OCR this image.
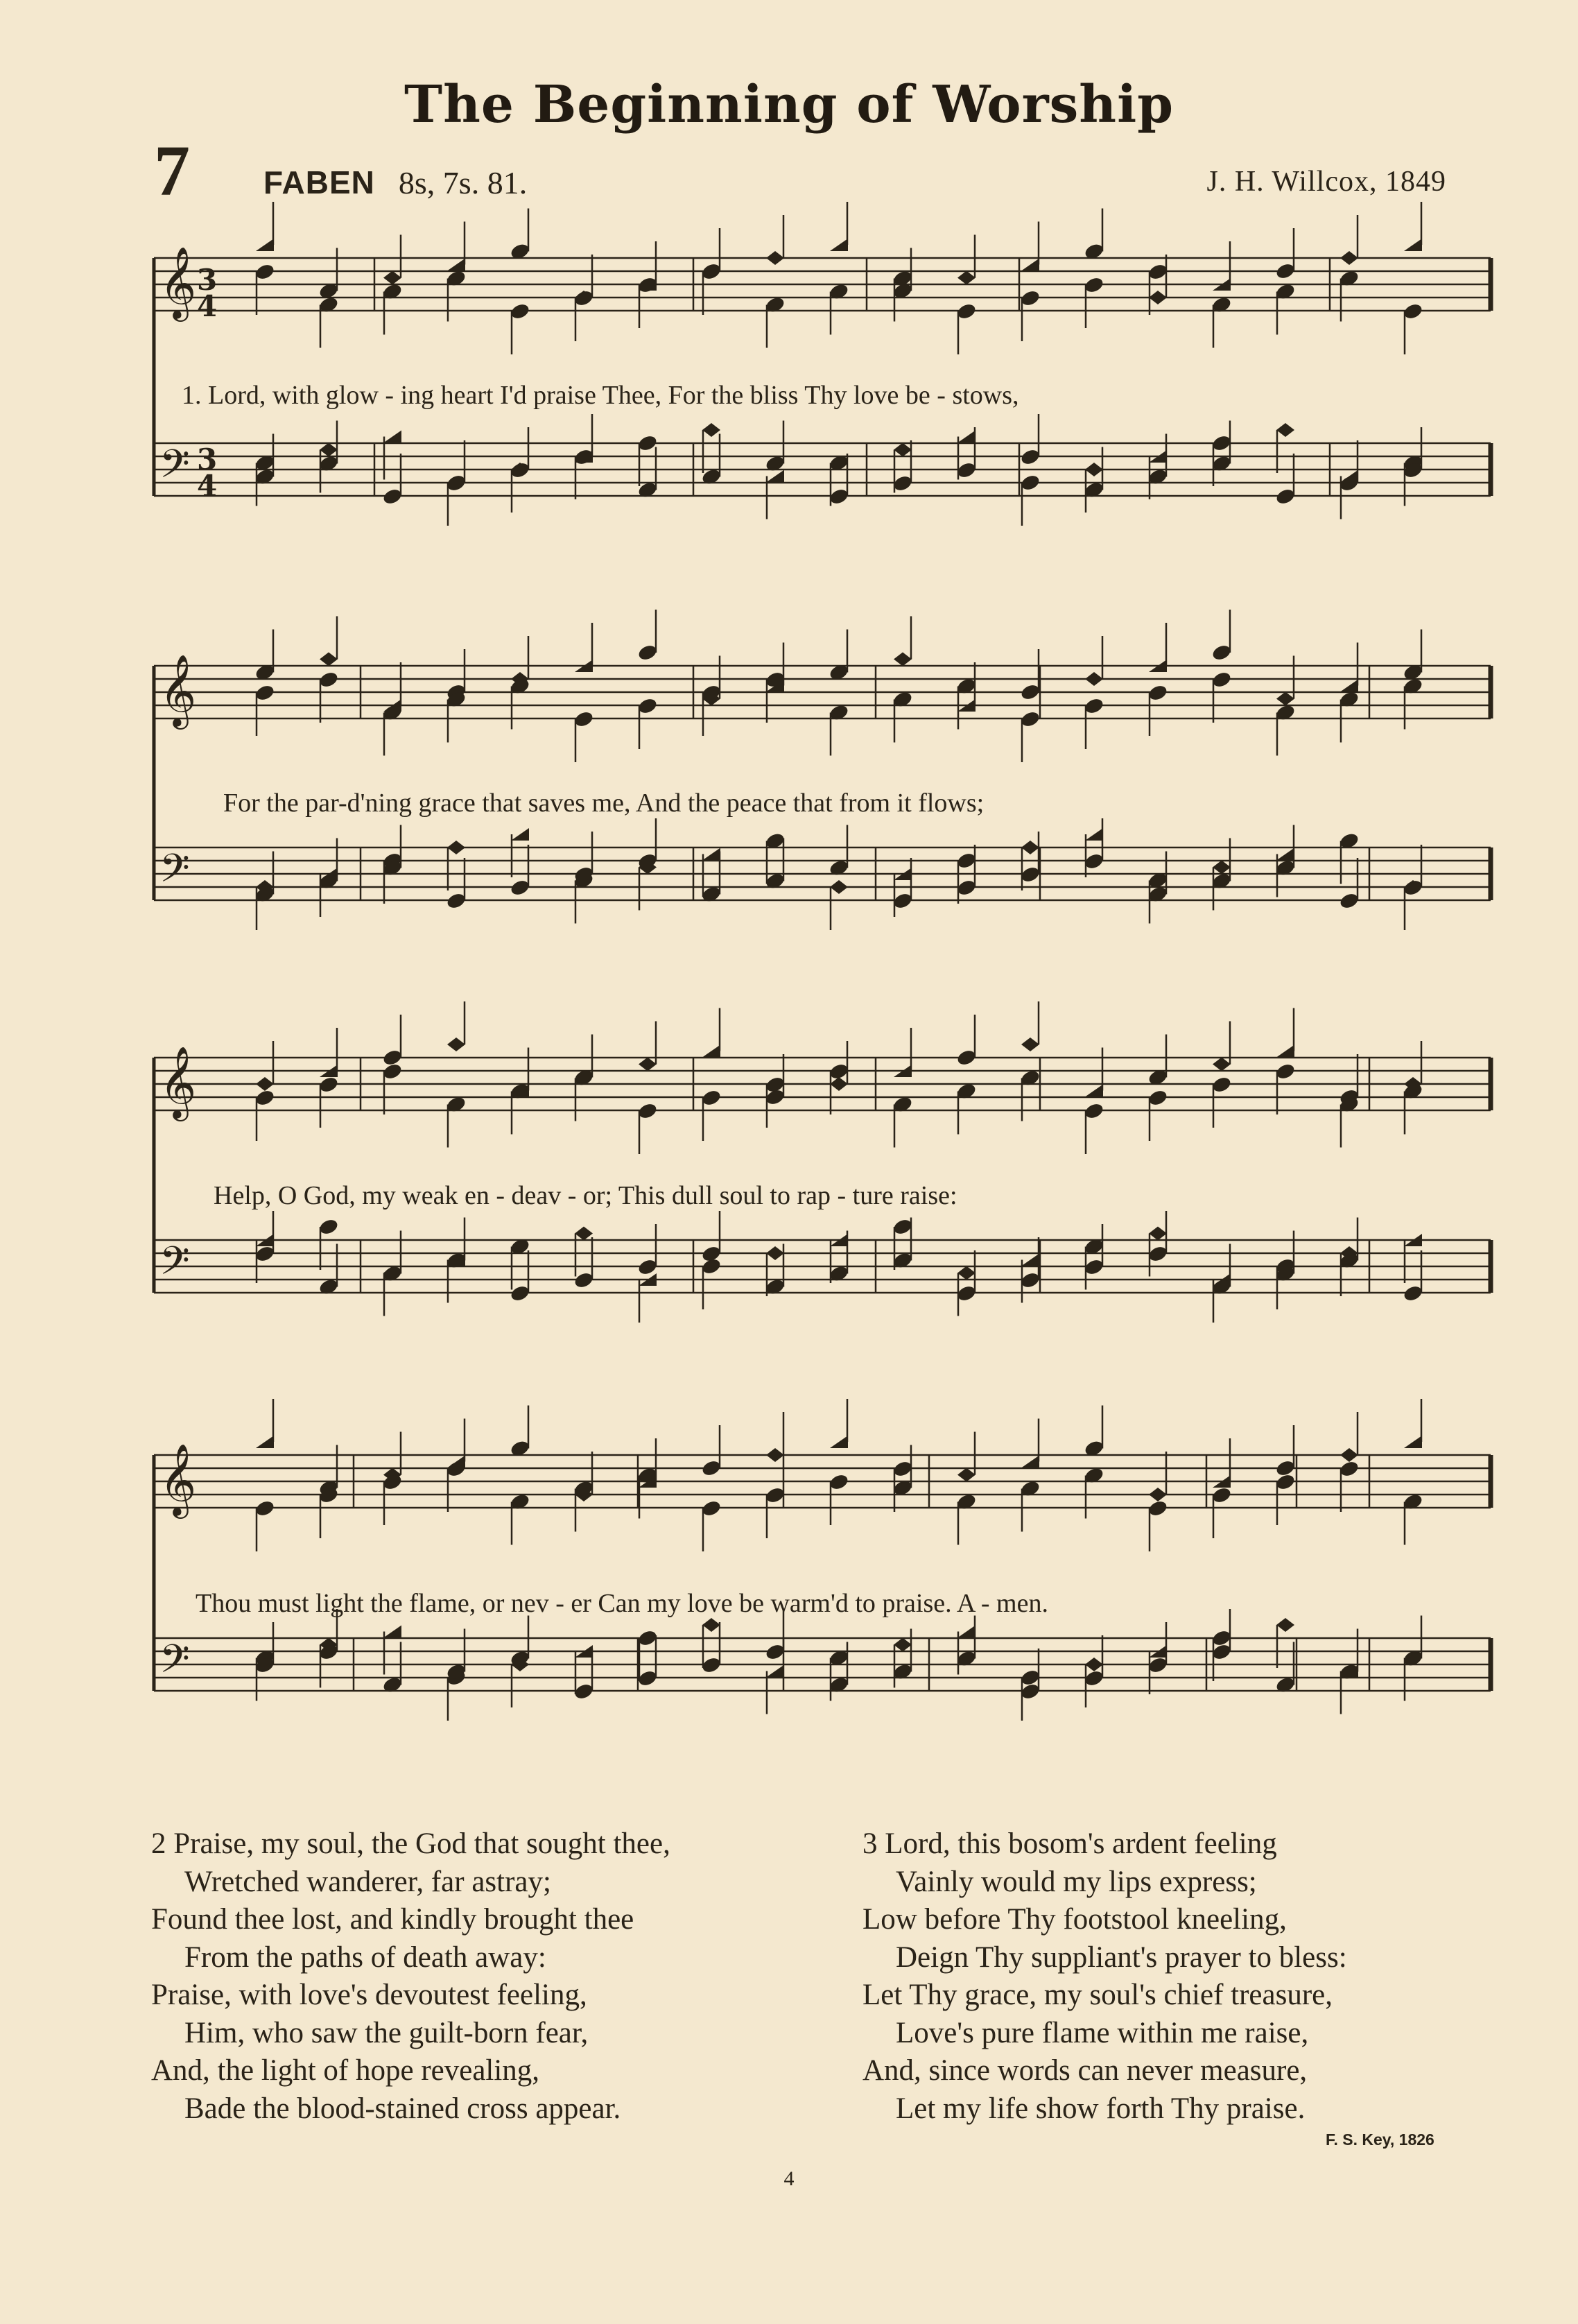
The Beginning of Worship
7 FABEN 8s, 7s. 81.	J. H. Willcox, 1849
𝄞
𝄢
𝄞
𝄢
𝄞
𝄢
𝄞
𝄢
3
4
3
4
1. Lord, with glow - ing heart I'd praise Thee, For the bliss Thy love be - stows,
For the par-d'ning grace that saves me, And the peace that from it flows;
Help, O God, my weak en - deav - or; This dull soul to rap - ture raise:
Thou must light the flame, or nev - er Can my love be warm'd to praise. A - men.
2 Praise, my soul, the God that sought thee,
Wretched wanderer, far astray;
Found thee lost, and kindly brought thee
From the paths of death away:
Praise, with love's devoutest feeling,
Him, who saw the guilt-born fear,
And, the light of hope revealing,
Bade the blood-stained cross appear.
3 Lord, this bosom's ardent feeling
Vainly would my lips express;
Low before Thy footstool kneeling,
Deign Thy suppliant's prayer to bless:
Let Thy grace, my soul's chief treasure,
Love's pure flame within me raise,
And, since words can never measure,
Let my life show forth Thy praise.
F. S. Key, 1826
4
